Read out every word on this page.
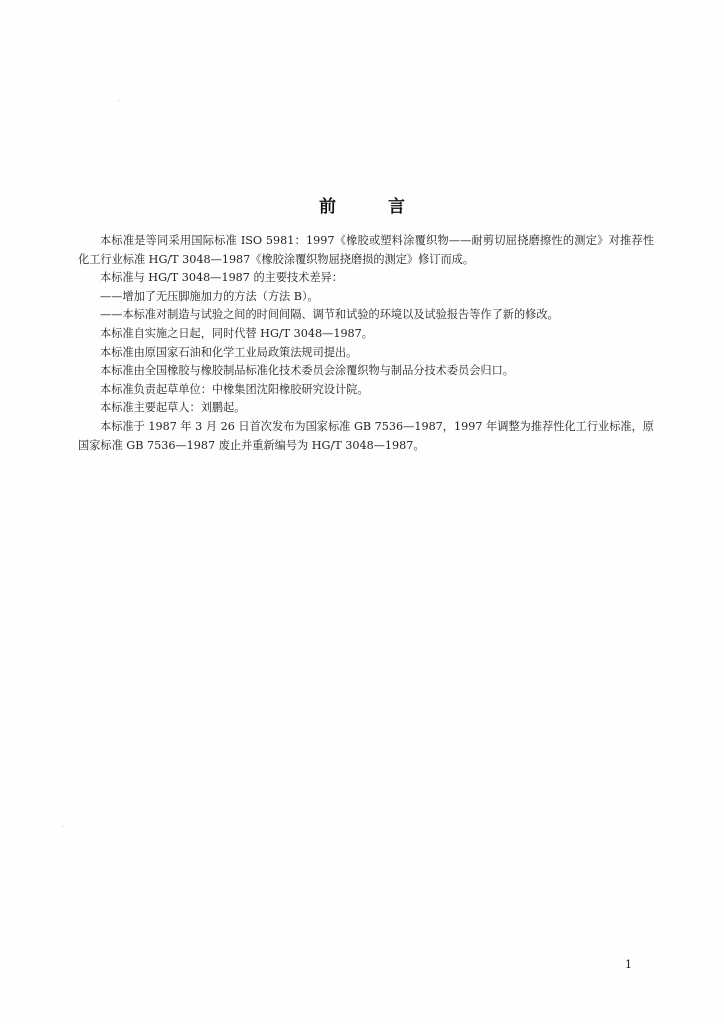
前	言

本标准是等同采用国际标准 ISO 5981：1997《橡胶或塑料涂覆织物——耐剪切屈挠磨擦性的测定》对推荐性化工行业标准 HG/T 3048—1987《橡胶涂覆织物屈挠磨损的测定》修订而成。

本标准与 HG/T 3048—1987 的主要技术差异：

——增加了无压脚施加力的方法（方法 B）。

——本标准对制造与试验之间的时间间隔、调节和试验的环境以及试验报告等作了新的修改。

本标准自实施之日起，同时代替 HG/T 3048—1987。

本标准由原国家石油和化学工业局政策法规司提出。

本标准由全国橡胶与橡胶制品标准化技术委员会涂覆织物与制品分技术委员会归口。

本标准负责起草单位：中橡集团沈阳橡胶研究设计院。

本标准主要起草人：刘鹏起。

本标准于 1987 年 3 月 26 日首次发布为国家标准 GB 7536—1987，1997 年调整为推荐性化工行业标准，原国家标准 GB 7536—1987 废止并重新编号为 HG/T 3048—1987。

1
